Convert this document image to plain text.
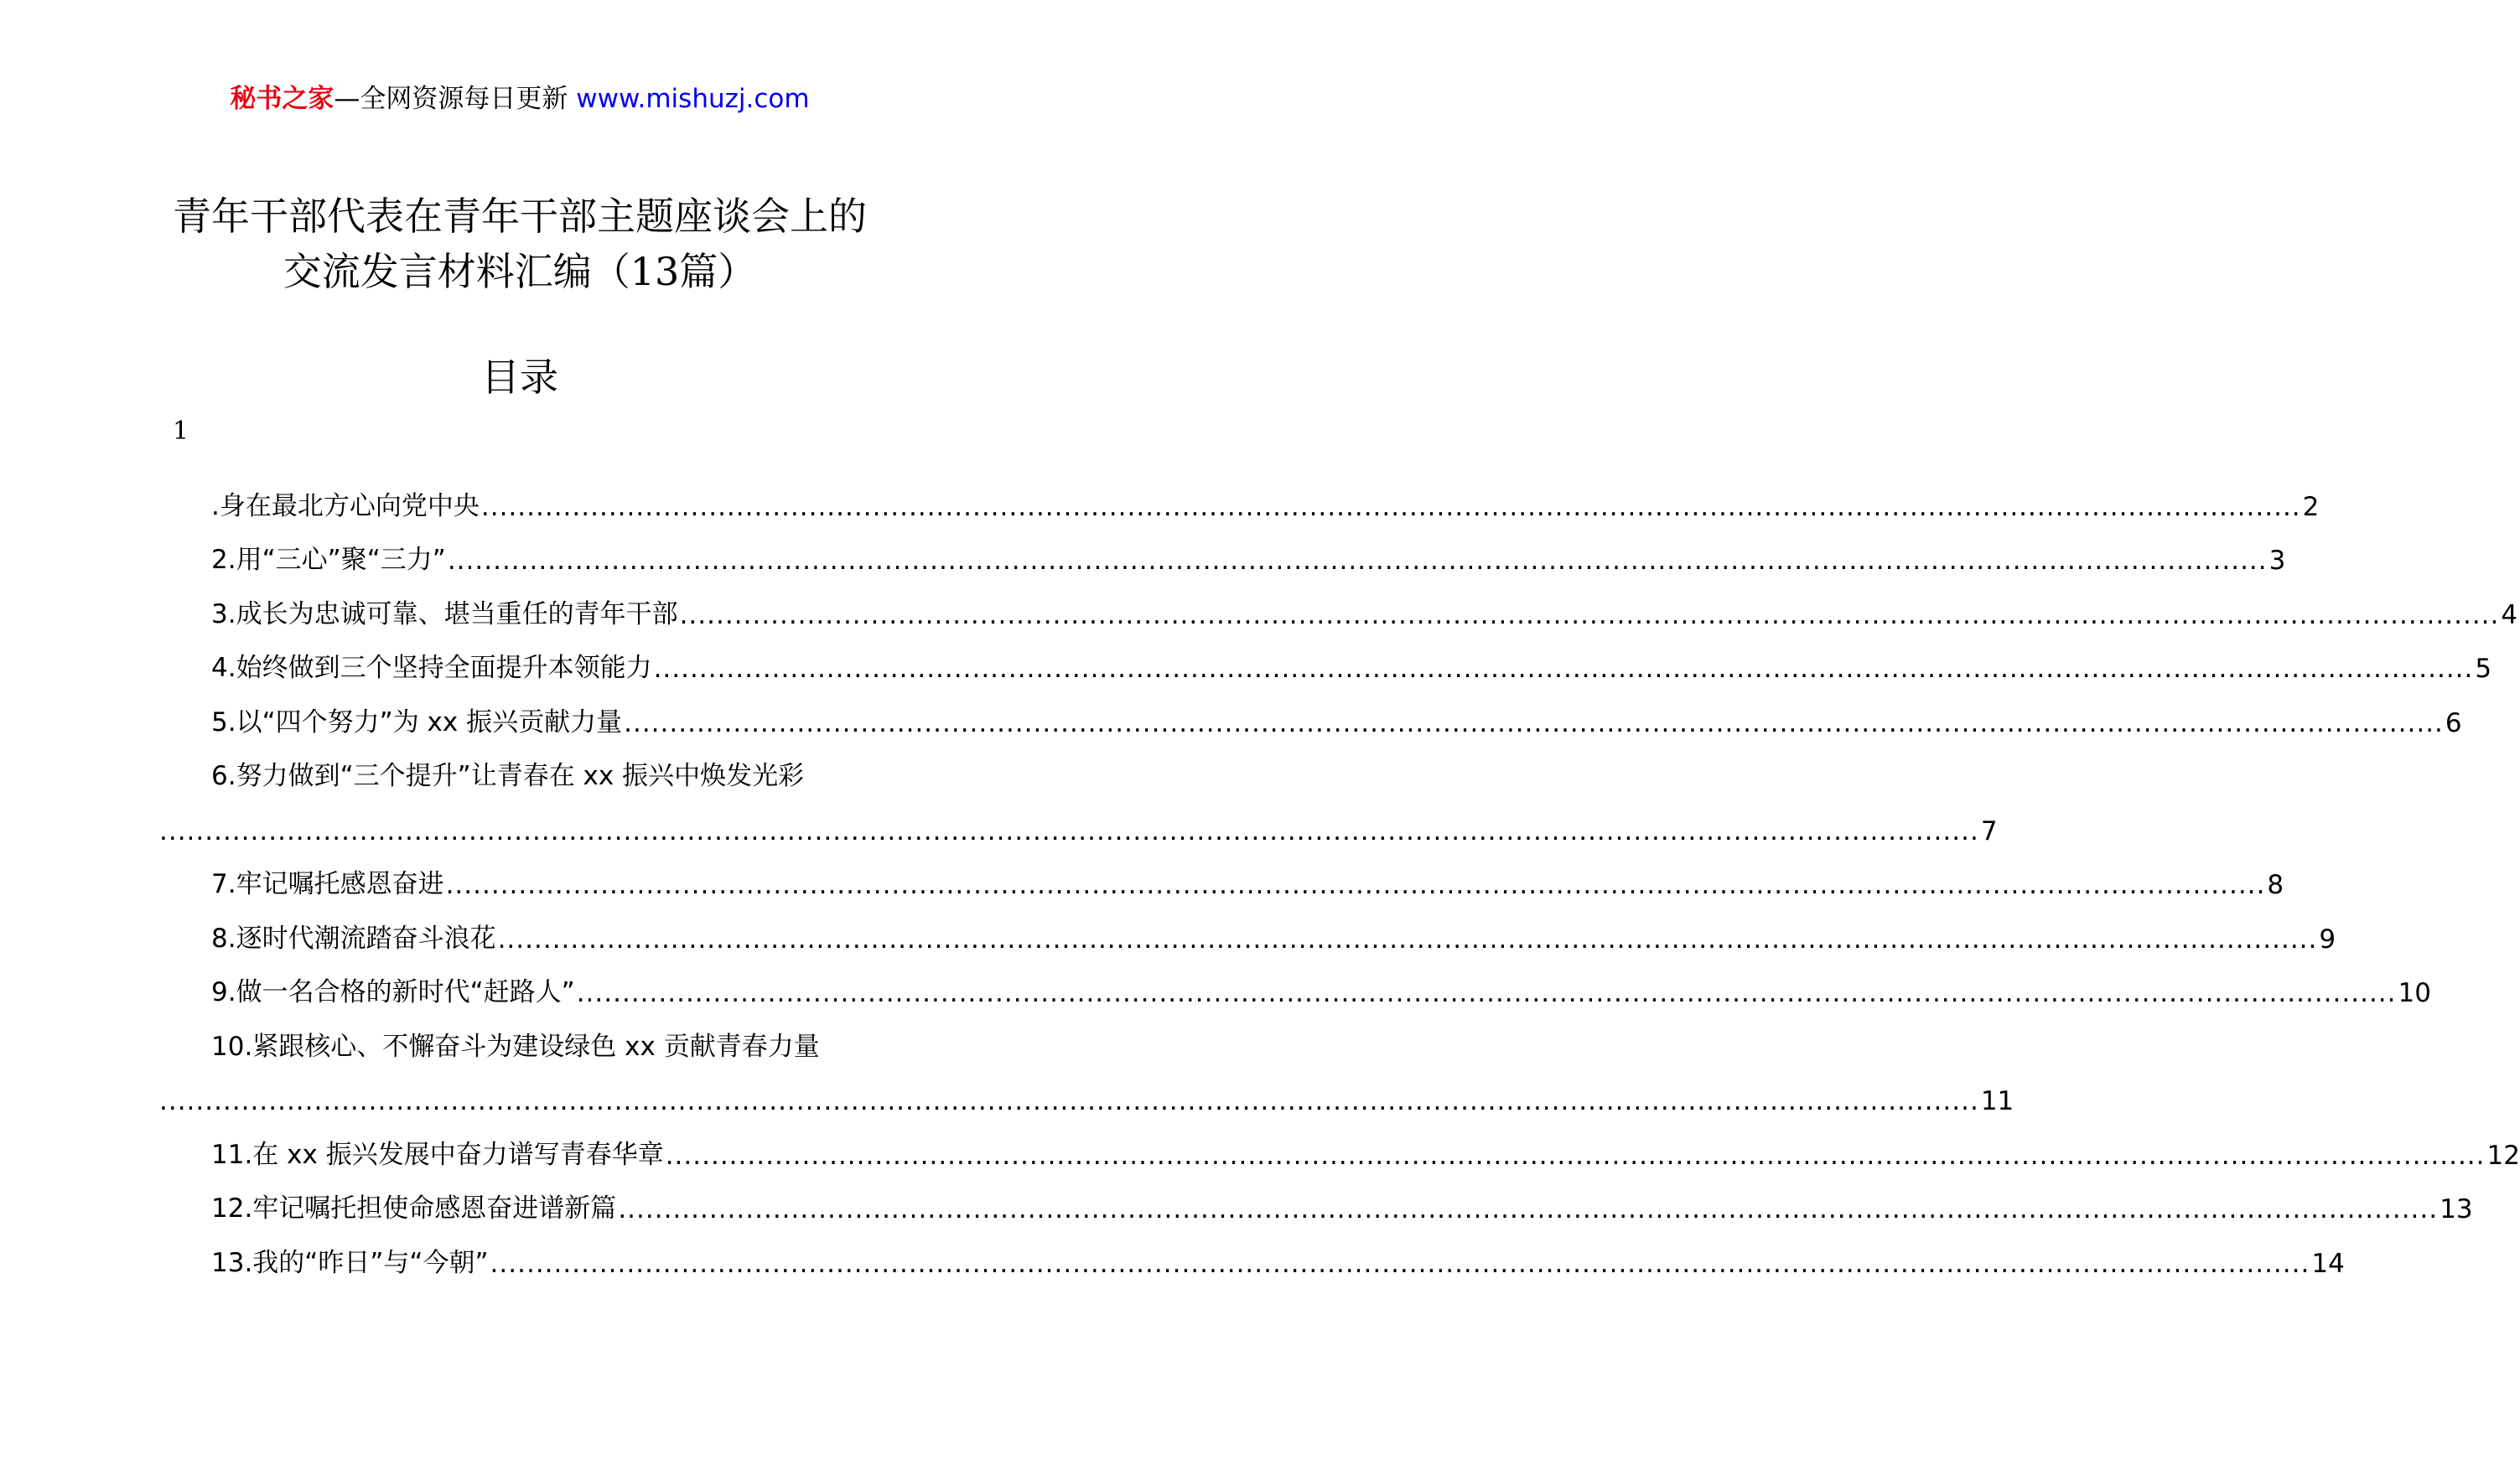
秘书之家—全网资源每日更新 www.mishuzj.com
青年干部代表在青年干部主题座谈会上的
交流发言材料汇编（13篇）
目录
1
.身在最北方心向党中央 ........................................................................................................................................................................................................ 2
2.用“三心”聚“三力” ........................................................................................................................................................................................................ 3
3.成长为忠诚可靠、堪当重任的青年干部 ........................................................................................................................................................................................................ 4
4.始终做到三个坚持全面提升本领能力 ........................................................................................................................................................................................................ 5
5.以“四个努力”为 xx 振兴贡献力量 ........................................................................................................................................................................................................ 6
6.努力做到“三个提升”让青春在 xx 振兴中焕发光彩
........................................................................................................................................................................................................ 7
7.牢记嘱托感恩奋进 ........................................................................................................................................................................................................ 8
8.逐时代潮流踏奋斗浪花 ........................................................................................................................................................................................................ 9
9.做一名合格的新时代“赶路人” ........................................................................................................................................................................................................ 10
10.紧跟核心、不懈奋斗为建设绿色 xx 贡献青春力量
........................................................................................................................................................................................................ 11
11.在 xx 振兴发展中奋力谱写青春华章 ........................................................................................................................................................................................................ 12
12.牢记嘱托担使命感恩奋进谱新篇 ........................................................................................................................................................................................................ 13
13.我的“昨日”与“今朝” ........................................................................................................................................................................................................ 14
